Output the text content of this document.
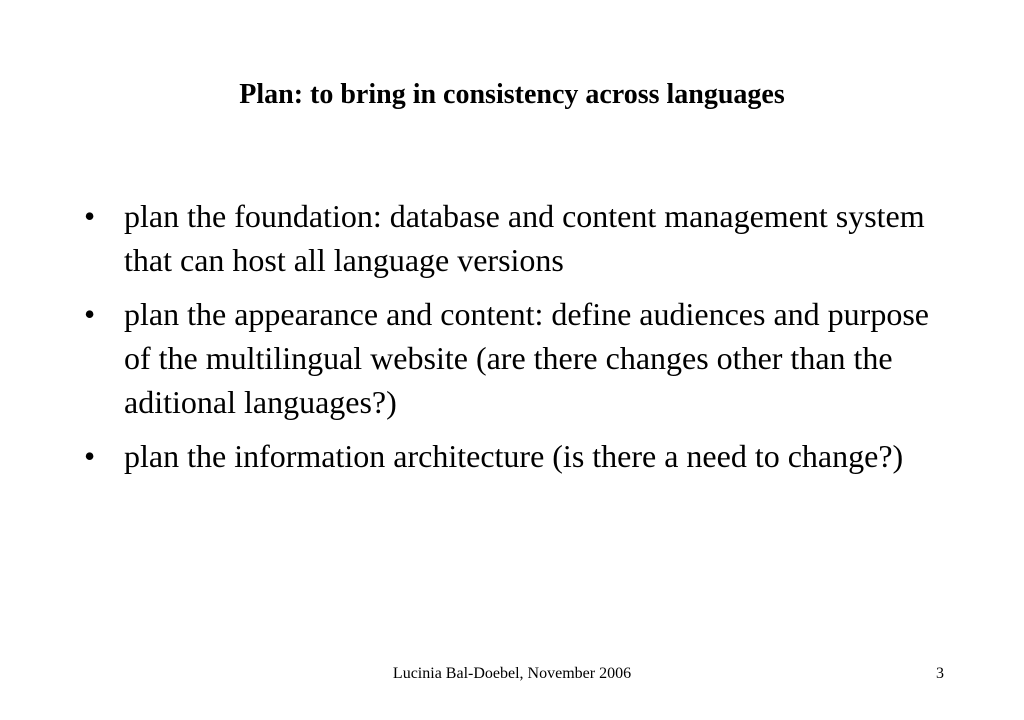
Plan: to bring in consistency across languages
• plan the foundation: database and content management system that can host all language versions
• plan the appearance and content: define audiences and purpose of the multilingual website (are there changes other than the aditional languages?)
• plan the information architecture (is there a need to change?)
Lucinia Bal-Doebel, November 2006	3
